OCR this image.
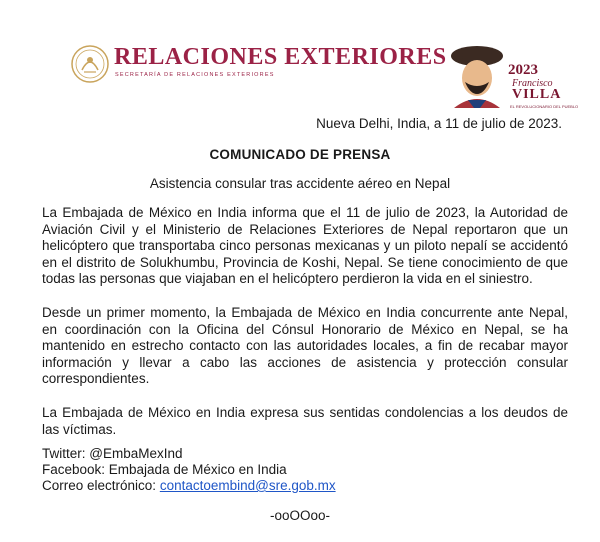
RELACIONES EXTERIORES
SECRETARÍA DE RELACIONES EXTERIORES	2023
Francisco
VILLA
EL REVOLUCIONARIO DEL PUEBLO
Nueva Delhi, India, a 11 de julio de 2023.
COMUNICADO DE PRENSA
Asistencia consular tras accidente aéreo en Nepal

La Embajada de México en India informa que el 11 de julio de 2023, la Autoridad de Aviación Civil y el Ministerio de Relaciones Exteriores de Nepal reportaron que un helicóptero que transportaba cinco personas mexicanas y un piloto nepalí se accidentó en el distrito de Solukhumbu, Provincia de Koshi, Nepal. Se tiene conocimiento de que todas las personas que viajaban en el helicóptero perdieron la vida en el siniestro.

Desde un primer momento, la Embajada de México en India concurrente ante Nepal, en coordinación con la Oficina del Cónsul Honorario de México en Nepal, se ha mantenido en estrecho contacto con las autoridades locales, a fin de recabar mayor información y llevar a cabo las acciones de asistencia y protección consular correspondientes.

La Embajada de México en India expresa sus sentidas condolencias a los deudos de las víctimas.

Twitter: @EmbaMexInd
Facebook: Embajada de México en India
Correo electrónico: contactoembind@sre.gob.mx
-ooOOoo-
